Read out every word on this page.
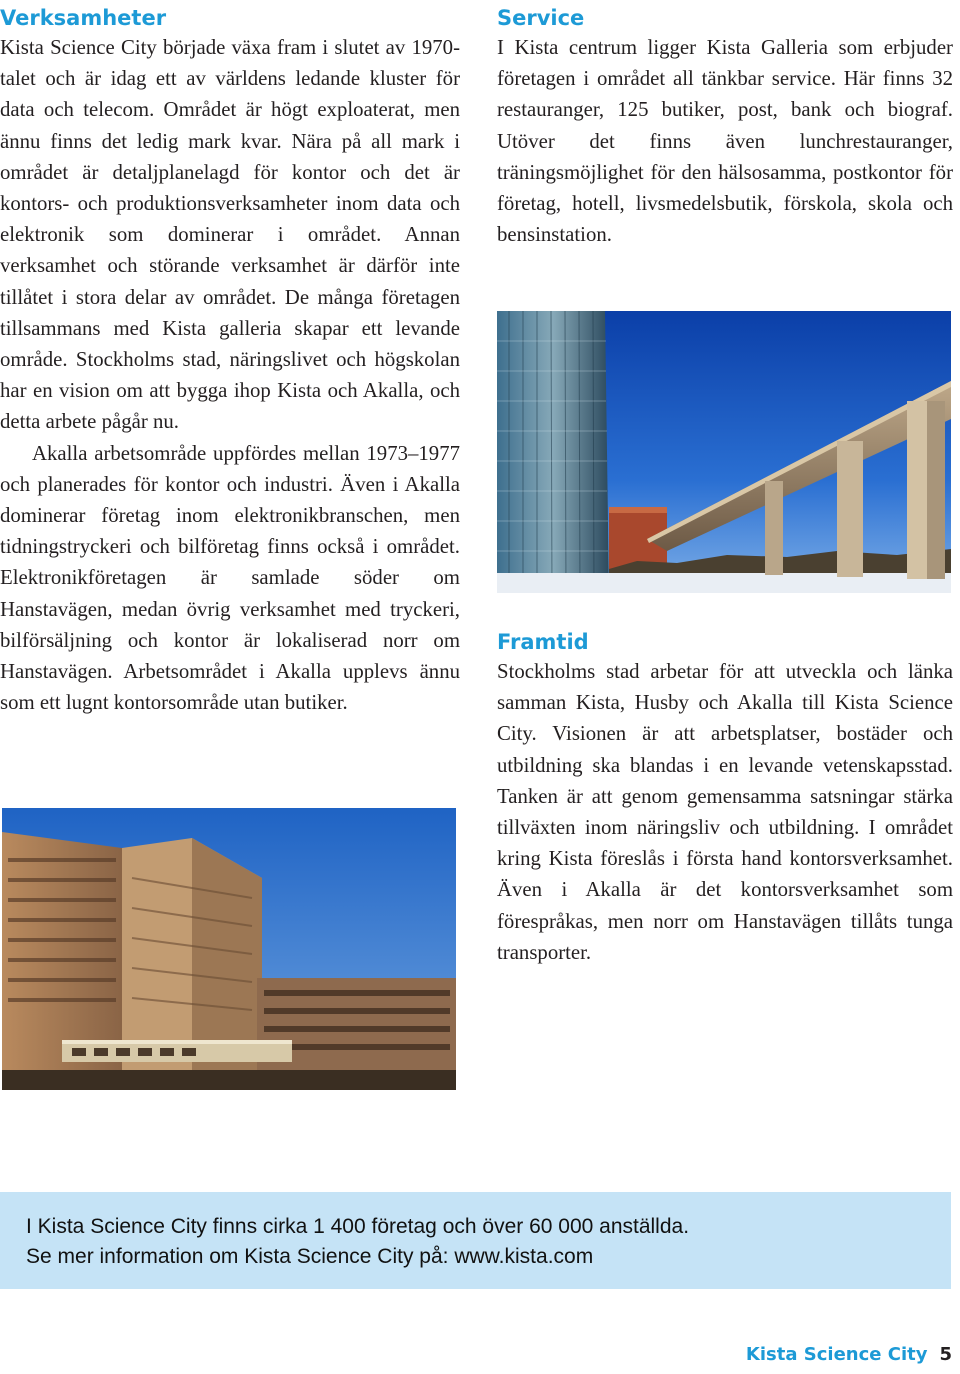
Verksamheter

Kista Science City började växa fram i slutet av 1970-talet och är idag ett av världens ledande kluster för data och telecom. Området är högt exploaterat, men ännu finns det ledig mark kvar. Nära på all mark i området är detaljplanelagd för kontor och det är kontors- och produktionsverksamheter inom data och elektronik som dominerar i området. Annan verksamhet och störande verksamhet är därför inte tillåtet i stora delar av området. De många företagen tillsammans med Kista galleria skapar ett levande område. Stockholms stad, näringslivet och högskolan har en vision om att bygga ihop Kista och Akalla, och detta arbete pågår nu.

Akalla arbetsområde uppfördes mellan 1973–1977 och planerades för kontor och industri. Även i Akalla dominerar företag inom elektronikbranschen, men tidningstryckeri och bilföretag finns också i området. Elektronikföretagen är samlade söder om Hanstavägen, medan övrig verksamhet med tryckeri, bilförsäljning och kontor är lokaliserad norr om Hanstavägen. Arbetsområdet i Akalla upplevs ännu som ett lugnt kontorsområde utan butiker.

Service

I Kista centrum ligger Kista Galleria som erbjuder företagen i området all tänkbar service. Här finns 32 restauranger, 125 butiker, post, bank och biograf. Utöver det finns även lunchrestauranger, träningsmöjlighet för den hälsosamma, postkontor för företag, hotell, livsmedelsbutik, förskola, skola och bensinstation.

Framtid

Stockholms stad arbetar för att utveckla och länka samman Kista, Husby och Akalla till Kista Science City. Visionen är att arbetsplatser, bostäder och utbildning ska blandas i en levande vetenskapsstad. Tanken är att genom gemensamma satsningar stärka tillväxten inom näringsliv och utbildning. I området kring Kista föreslås i första hand kontorsverksamhet. Även i Akalla är det kontorsverksamhet som förespråkas, men norr om Hanstavägen tillåts tunga transporter.

I Kista Science City finns cirka 1 400 företag och över 60 000 anställda.
Se mer information om Kista Science City på: www.kista.com
Kista Science City 5
